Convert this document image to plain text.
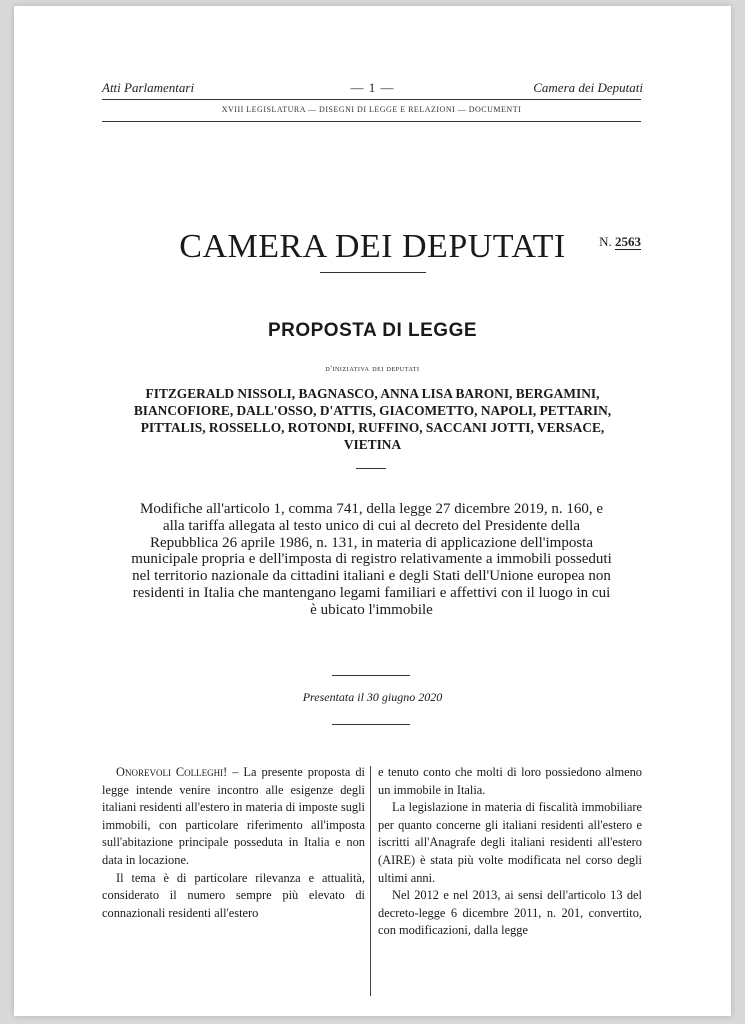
Atti Parlamentari	— 1 —	Camera dei Deputati
XVIII LEGISLATURA — DISEGNI DI LEGGE E RELAZIONI — DOCUMENTI
CAMERA DEI DEPUTATI	N. 2563
PROPOSTA DI LEGGE
d'iniziativa dei deputati
FITZGERALD NISSOLI, BAGNASCO, ANNA LISA BARONI, BERGAMINI, BIANCOFIORE, DALL'OSSO, D'ATTIS, GIACOMETTO, NAPOLI, PETTARIN, PITTALIS, ROSSELLO, ROTONDI, RUFFINO, SACCANI JOTTI, VERSACE, VIETINA
Modifiche all'articolo 1, comma 741, della legge 27 dicembre 2019, n. 160, e alla tariffa allegata al testo unico di cui al decreto del Presidente della Repubblica 26 aprile 1986, n. 131, in materia di applicazione dell'imposta municipale propria e dell'imposta di registro relativamente a immobili posseduti nel territorio nazionale da cittadini italiani e degli Stati dell'Unione europea non residenti in Italia che mantengano legami familiari e affettivi con il luogo in cui è ubicato l'immobile
Presentata il 30 giugno 2020

Onorevoli Colleghi! – La presente proposta di legge intende venire incontro alle esigenze degli italiani residenti all'estero in materia di imposte sugli immobili, con particolare riferimento all'imposta sull'abitazione principale posseduta in Italia e non data in locazione.

Il tema è di particolare rilevanza e attualità, considerato il numero sempre più elevato di connazionali residenti all'estero

e tenuto conto che molti di loro possiedono almeno un immobile in Italia.

La legislazione in materia di fiscalità immobiliare per quanto concerne gli italiani residenti all'estero e iscritti all'Anagrafe degli italiani residenti all'estero (AIRE) è stata più volte modificata nel corso degli ultimi anni.

Nel 2012 e nel 2013, ai sensi dell'articolo 13 del decreto-legge 6 dicembre 2011, n. 201, convertito, con modificazioni, dalla legge
